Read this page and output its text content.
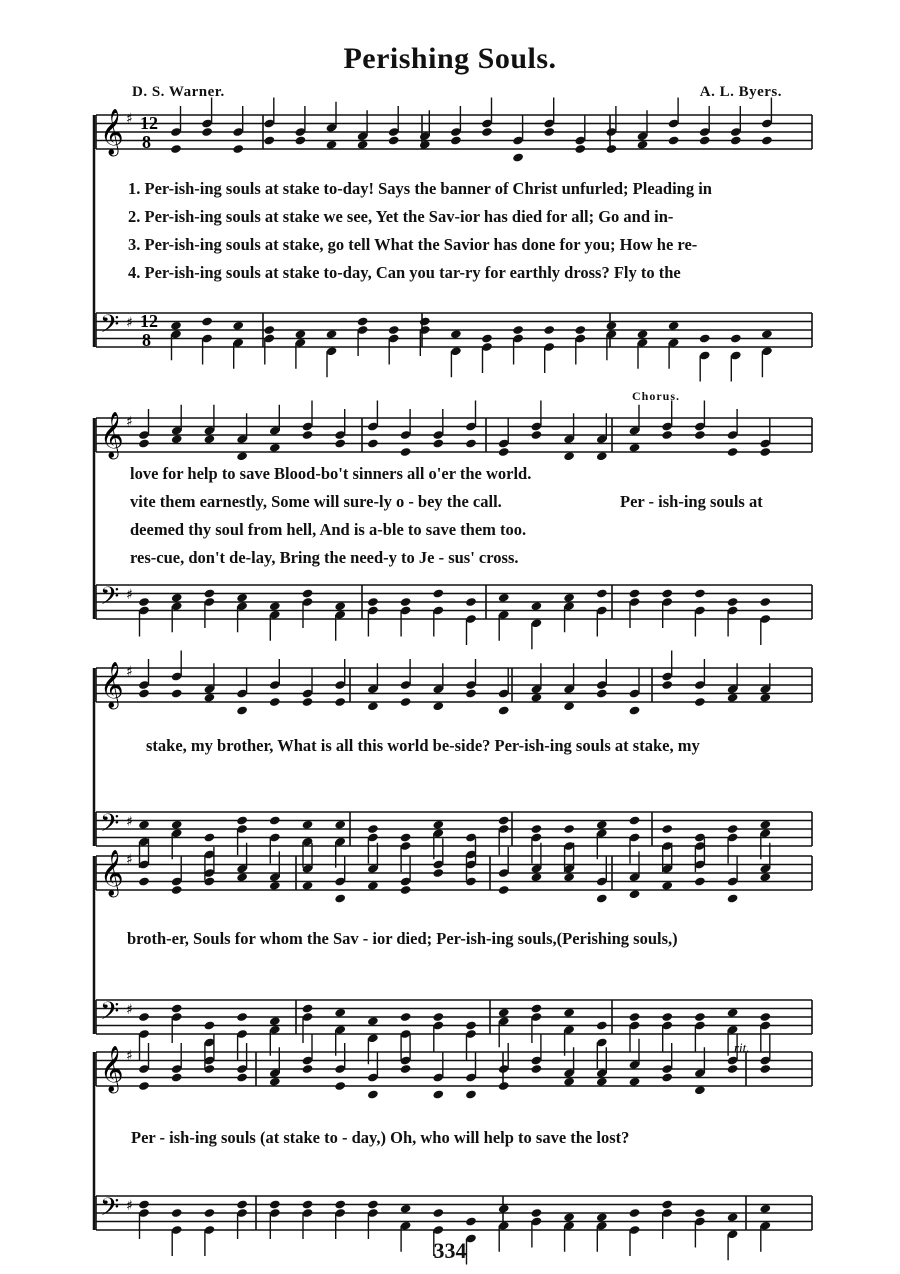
Perishing Souls.
D. S. Warner.	A. L. Byers.
𝄞 ♯
𝄢 ♯
𝄞 ♯
𝄢 ♯
𝄞 ♯
𝄢 ♯
𝄞 ♯
𝄢 ♯
𝄞 ♯
𝄢 ♯
12
8
12
8
rit.
1. Per-ish-ing souls at stake to-day! Says the banner of Christ unfurled; Pleading in
2. Per-ish-ing souls at stake we see, Yet the Sav-ior has died for all; Go and in-
3. Per-ish-ing souls at stake, go tell What the Savior has done for you; How he re-
4. Per-ish-ing souls at stake to-day, Can you tar-ry for earthly dross? Fly to the
Chorus.
love for help to save Blood-bo't sinners all o'er the world.
vite them earnestly, Some will sure-ly o - bey the call.
deemed thy soul from hell, And is a-ble to save them too.
res-cue, don't de-lay, Bring the need-y to Je - sus' cross.
Per - ish-ing souls at
stake, my brother, What is all this world be-side? Per-ish-ing souls at stake, my
broth-er, Souls for whom the Sav - ior died; Per-ish-ing souls,(Perishing souls,)
Per - ish-ing souls (at stake to - day,) Oh, who will help to save the lost?
334
